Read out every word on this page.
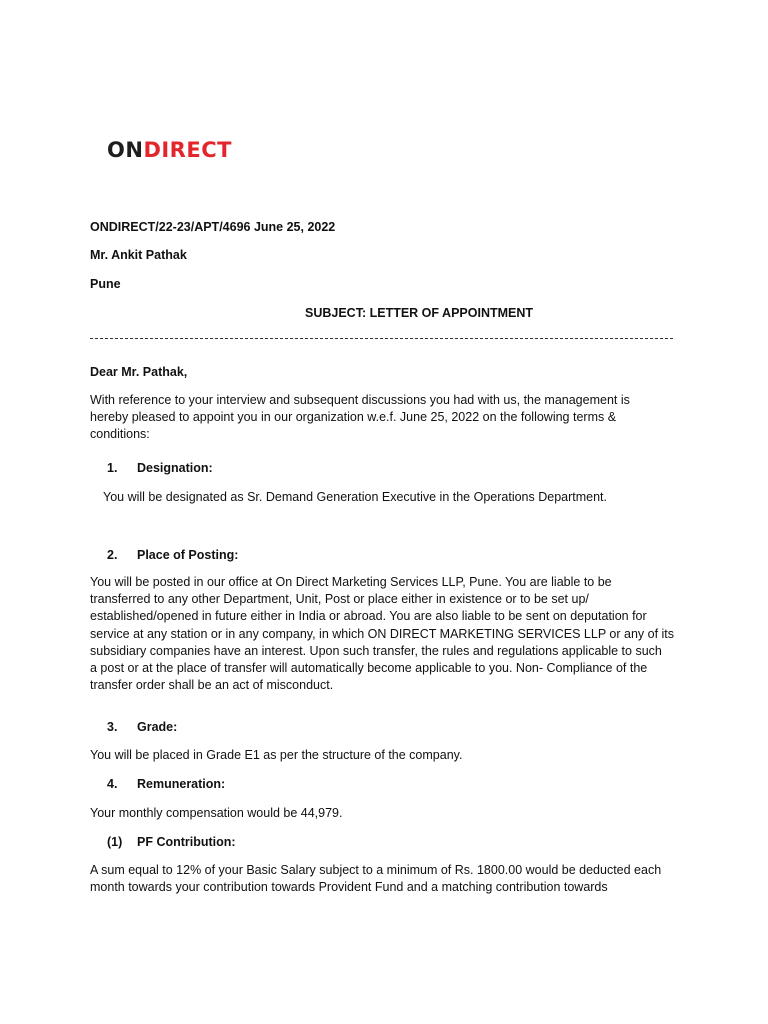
ONDIRECT
ONDIRECT/22-23/APT/4696 June 25, 2022
Mr. Ankit Pathak
Pune
SUBJECT: LETTER OF APPOINTMENT
Dear Mr. Pathak,
With reference to your interview and subsequent discussions you had with us, the management is
hereby pleased to appoint you in our organization w.e.f. June 25, 2022 on the following terms &
conditions:
1. Designation:
You will be designated as Sr. Demand Generation Executive in the Operations Department.
2. Place of Posting:
You will be posted in our office at On Direct Marketing Services LLP, Pune. You are liable to be
transferred to any other Department, Unit, Post or place either in existence or to be set up/
established/opened in future either in India or abroad. You are also liable to be sent on deputation for
service at any station or in any company, in which ON DIRECT MARKETING SERVICES LLP or any of its
subsidiary companies have an interest. Upon such transfer, the rules and regulations applicable to such
a post or at the place of transfer will automatically become applicable to you. Non- Compliance of the
transfer order shall be an act of misconduct.
3. Grade:
You will be placed in Grade E1 as per the structure of the company.
4. Remuneration:
Your monthly compensation would be 44,979.
(1) PF Contribution:
A sum equal to 12% of your Basic Salary subject to a minimum of Rs. 1800.00 would be deducted each
month towards your contribution towards Provident Fund and a matching contribution towards
